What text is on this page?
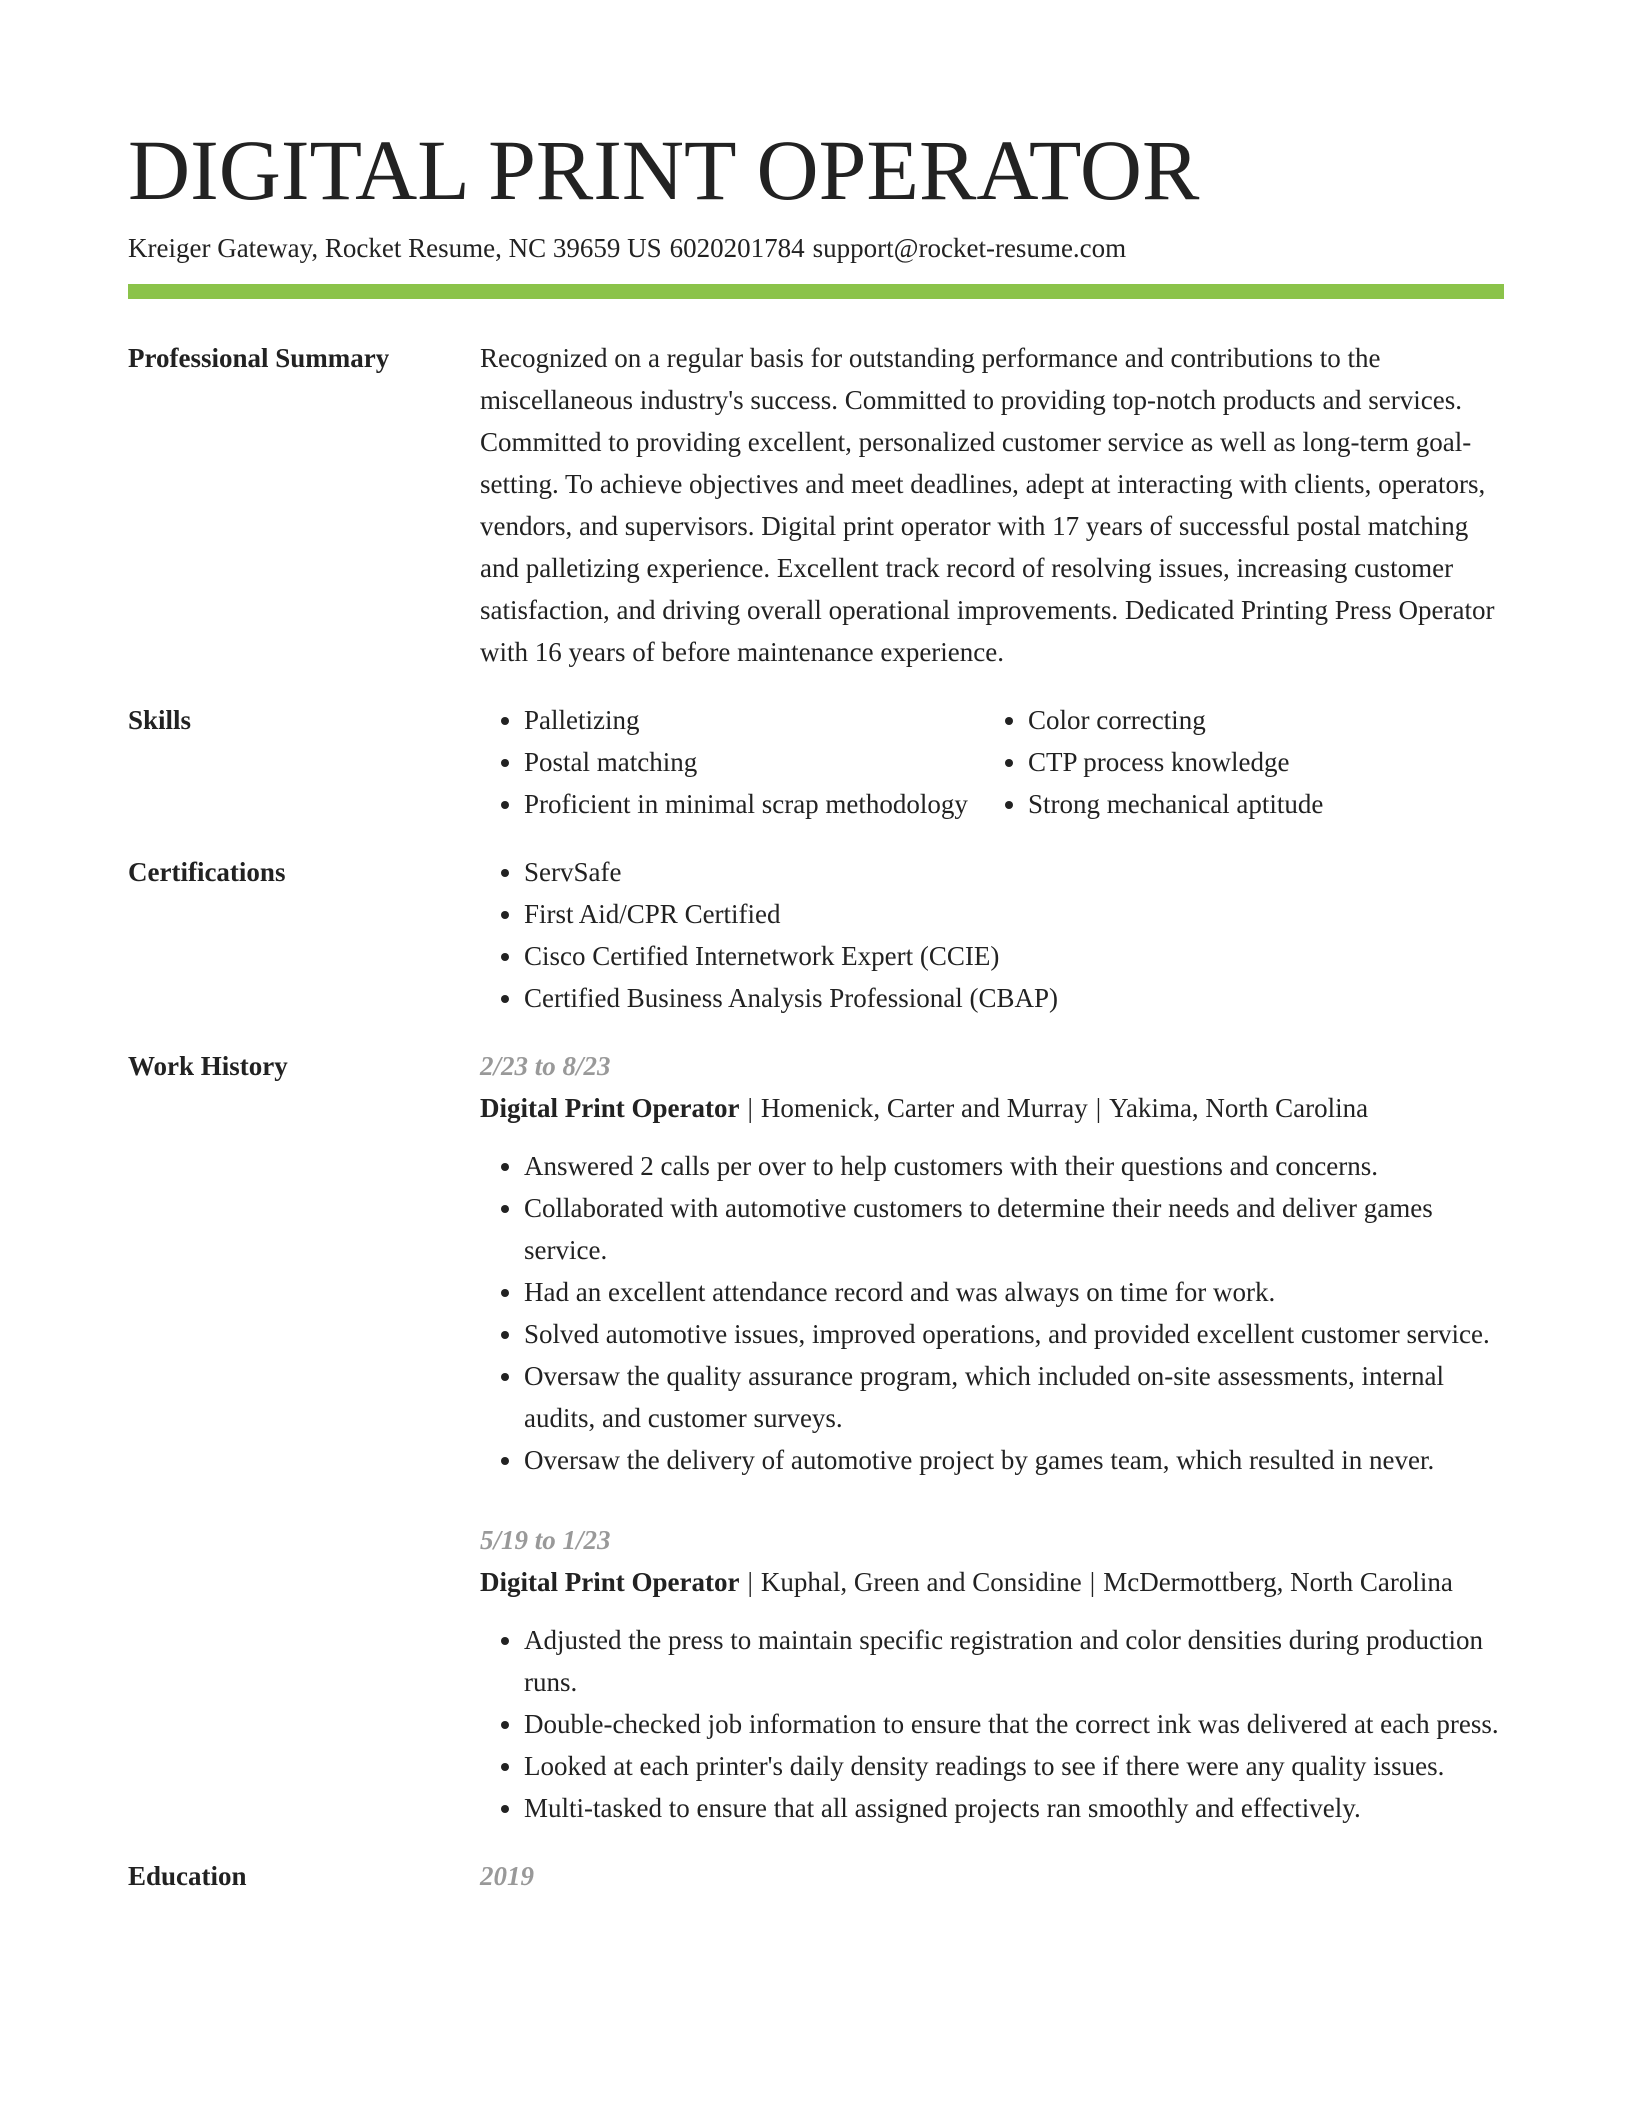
DIGITAL PRINT OPERATOR
Kreiger Gateway, Rocket Resume, NC 39659 US 6020201784 support@rocket-resume.com
Professional Summary	Recognized on a regular basis for outstanding performance and contributions to the miscellaneous industry's success. Committed to providing top-notch products and services. Committed to providing excellent, personalized customer service as well as long-term goal-setting. To achieve objectives and meet deadlines, adept at interacting with clients, operators, vendors, and supervisors. Digital print operator with 17 years of successful postal matching and palletizing experience. Excellent track record of resolving issues, increasing customer satisfaction, and driving overall operational improvements. Dedicated Printing Press Operator with 16 years of before maintenance experience.

Skills	• Palletizing
• Postal matching
• Proficient in minimal scrap methodology
• Color correcting
• CTP process knowledge
• Strong mechanical aptitude
Certifications	• ServSafe
• First Aid/CPR Certified
• Cisco Certified Internetwork Expert (CCIE)
• Certified Business Analysis Professional (CBAP)
Work History	2/23 to 8/23
Digital Print Operator | Homenick, Carter and Murray | Yakima, North Carolina
• Answered 2 calls per over to help customers with their questions and concerns.
• Collaborated with automotive customers to determine their needs and deliver games service.
• Had an excellent attendance record and was always on time for work.
• Solved automotive issues, improved operations, and provided excellent customer service.
• Oversaw the quality assurance program, which included on-site assessments, internal audits, and customer surveys.
• Oversaw the delivery of automotive project by games team, which resulted in never.
5/19 to 1/23
Digital Print Operator | Kuphal, Green and Considine | McDermottberg, North Carolina
• Adjusted the press to maintain specific registration and color densities during production runs.
• Double-checked job information to ensure that the correct ink was delivered at each press.
• Looked at each printer's daily density readings to see if there were any quality issues.
• Multi-tasked to ensure that all assigned projects ran smoothly and effectively.
Education	2019
